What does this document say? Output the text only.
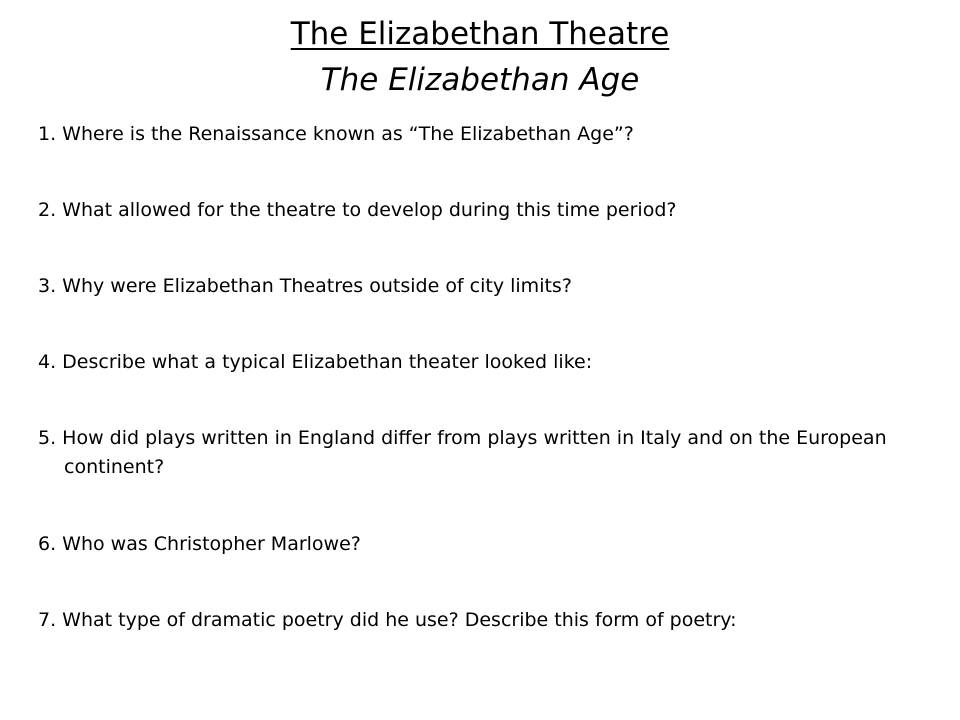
The Elizabethan Theatre
The Elizabethan Age

1. Where is the Renaissance known as “The Elizabethan Age”?

2. What allowed for the theatre to develop during this time period?

3. Why were Elizabethan Theatres outside of city limits?

4. Describe what a typical Elizabethan theater looked like:

5. How did plays written in England differ from plays written in Italy and on the European continent?

6. Who was Christopher Marlowe?

7. What type of dramatic poetry did he use? Describe this form of poetry:
